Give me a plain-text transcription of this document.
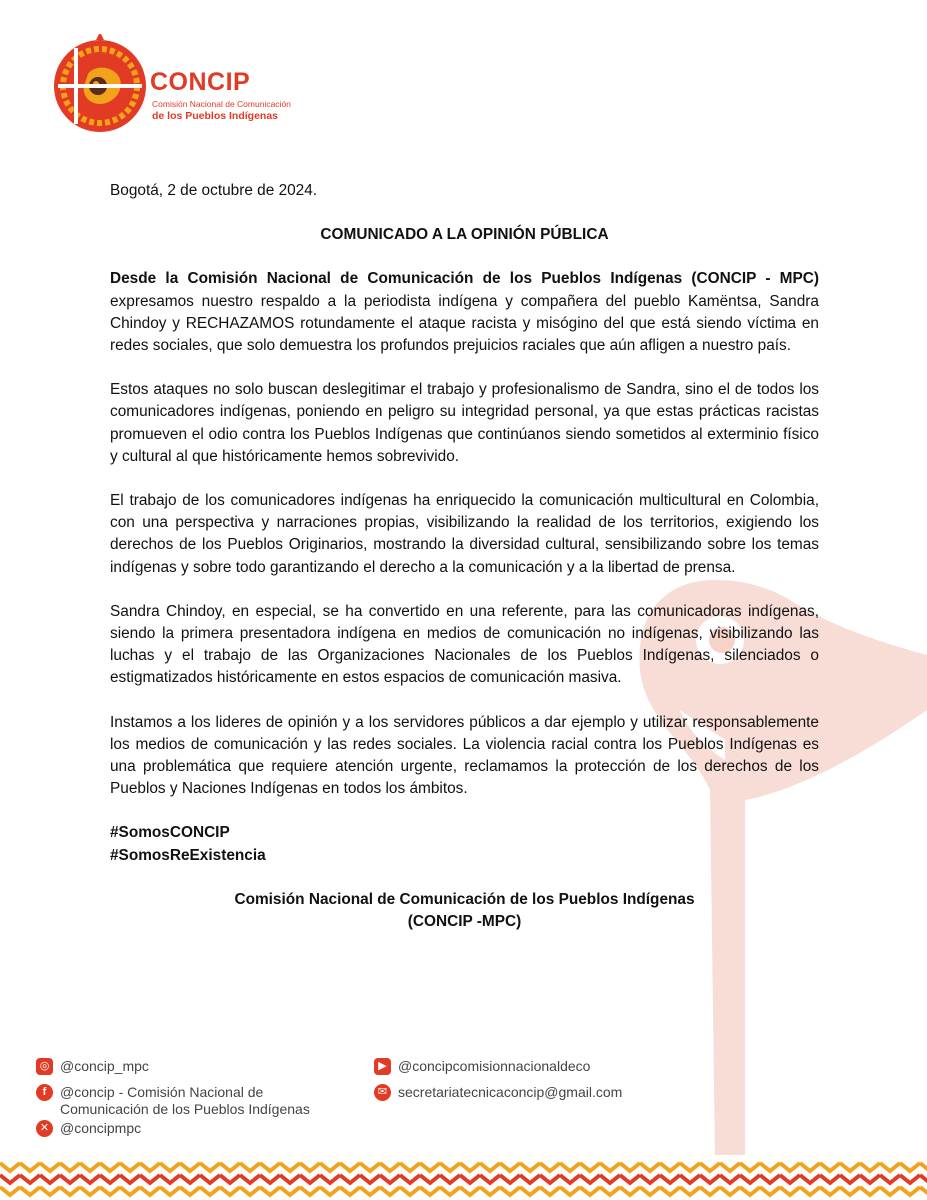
CONCIP
Comisión Nacional de Comunicación
de los Pueblos Indígenas
Bogotá, 2 de octubre de 2024.
COMUNICADO A LA OPINIÓN PÚBLICA
Desde la Comisión Nacional de Comunicación de los Pueblos Indígenas (CONCIP - MPC) expresamos nuestro respaldo a la periodista indígena y compañera del pueblo Kamëntsa, Sandra Chindoy y RECHAZAMOS rotundamente el ataque racista y misógino del que está siendo víctima en redes sociales, que solo demuestra los profundos prejuicios raciales que aún afligen a nuestro país.
Estos ataques no solo buscan deslegitimar el trabajo y profesionalismo de Sandra, sino el de todos los comunicadores indígenas, poniendo en peligro su integridad personal, ya que estas prácticas racistas promueven el odio contra los Pueblos Indígenas que continúanos siendo sometidos al exterminio físico y cultural al que históricamente hemos sobrevivido.
El trabajo de los comunicadores indígenas ha enriquecido la comunicación multicultural en Colombia, con una perspectiva y narraciones propias, visibilizando la realidad de los territorios, exigiendo los derechos de los Pueblos Originarios, mostrando la diversidad cultural, sensibilizando sobre los temas indígenas y sobre todo garantizando el derecho a la comunicación y a la libertad de prensa.
Sandra Chindoy, en especial, se ha convertido en una referente, para las comunicadoras indígenas, siendo la primera presentadora indígena en medios de comunicación no indígenas, visibilizando las luchas y el trabajo de las Organizaciones Nacionales de los Pueblos Indígenas, silenciados o estigmatizados históricamente en estos espacios de comunicación masiva.
Instamos a los lideres de opinión y a los servidores públicos a dar ejemplo y utilizar responsablemente los medios de comunicación y las redes sociales. La violencia racial contra los Pueblos Indígenas es una problemática que requiere atención urgente, reclamamos la protección de los derechos de los Pueblos y Naciones Indígenas en todos los ámbitos.
#SomosCONCIP
#SomosReExistencia
Comisión Nacional de Comunicación de los Pueblos Indígenas
(CONCIP -MPC)
◎ @concip_mpc
f @concip - Comisión Nacional de
Comunicación de los Pueblos Indígenas
✕ @concipmpc
▶ @concipcomisionnacionaldeco
✉ secretariatecnicaconcip@gmail.com
